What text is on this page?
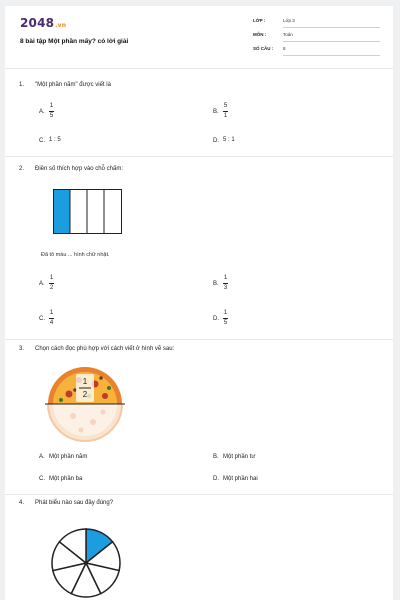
2048.vn
8 bài tập Một phần mấy? có lời giải
LỚP :	Lớp 3
MÔN :	Toán
SỐ CÂU : 8
1. "Một phần năm" được viết là
A. $\frac{1}{5}$	B. $\frac{5}{1}$
C. 1 : 5	D. 5 : 1
2. Điền số thích hợp vào chỗ chấm:
Đã tô màu ... hình chữ nhật.
A. $\frac{1}{2}$	B. $\frac{1}{3}$
C. $\frac{1}{4}$	D. $\frac{1}{5}$
3. Chọn cách đọc phù hợp với cách viết ở hình vẽ sau:
1
2
A. Một phần năm	B. Một phần tư
C. Một phần ba	D. Một phần hai
4. Phát biểu nào sau đây đúng?
